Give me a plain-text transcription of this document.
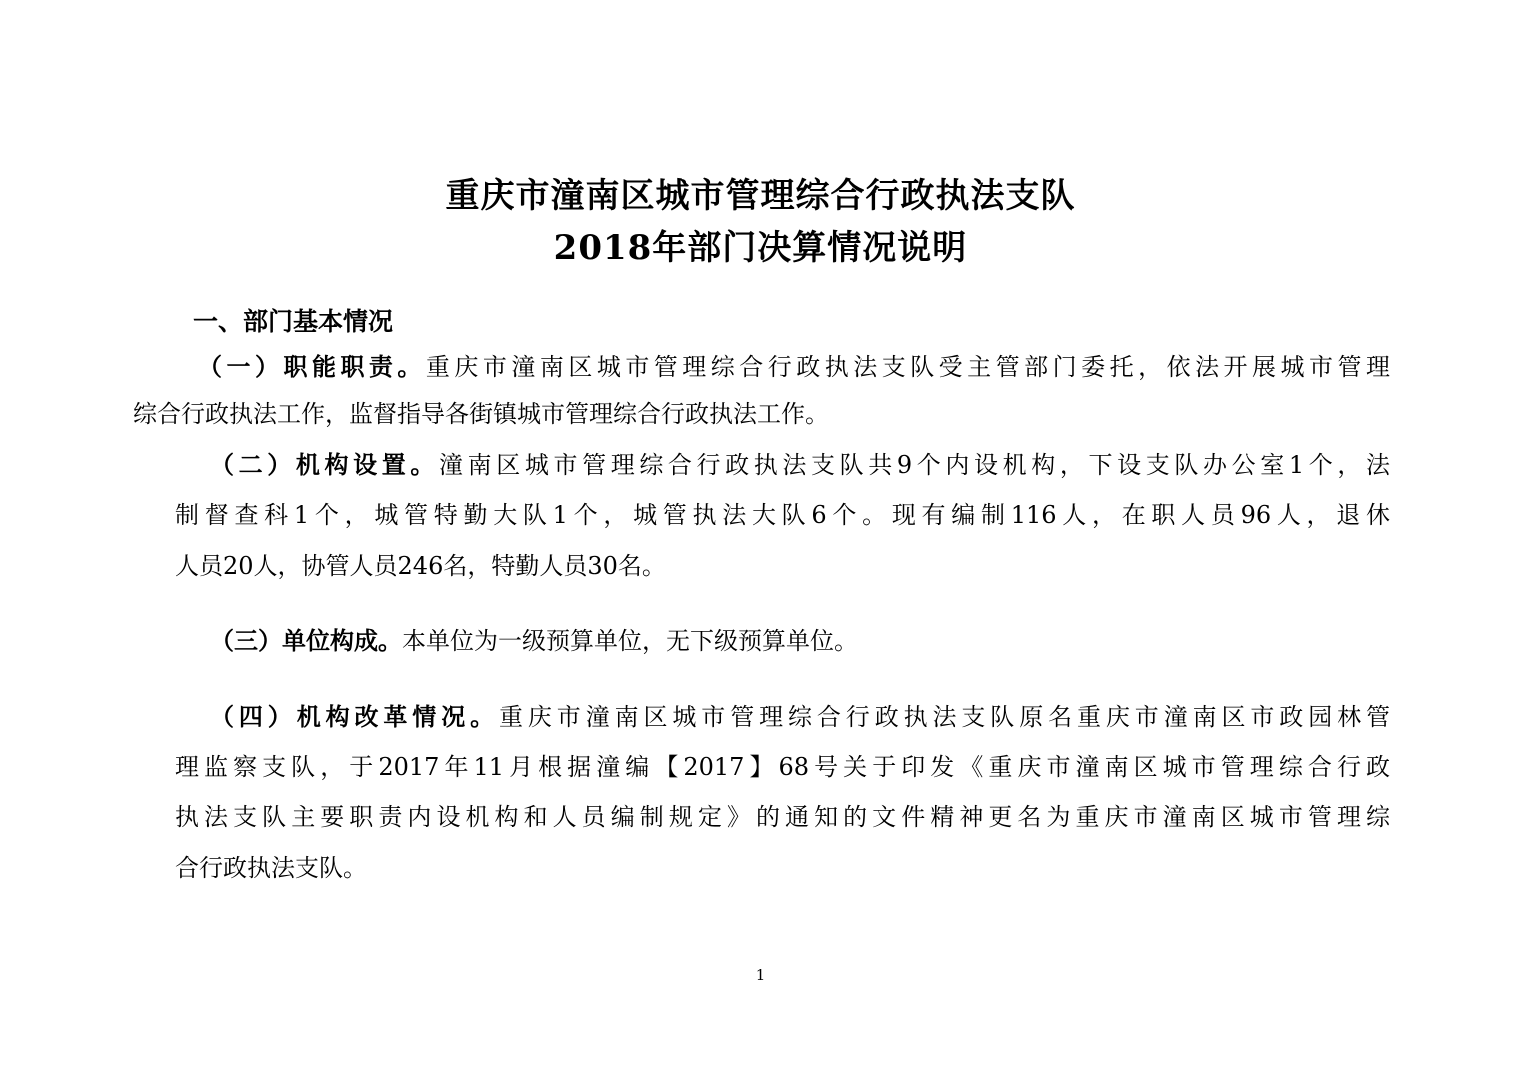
重庆市潼南区城市管理综合行政执法支队
2018年部门决算情况说明
一、部门基本情况
（一）职能职责。重庆市潼南区城市管理综合行政执法支队受主管部门委托，依法开展城市管理
综合行政执法工作，监督指导各街镇城市管理综合行政执法工作。
（二）机构设置。潼南区城市管理综合行政执法支队共9个内设机构，下设支队办公室1个，法
制督查科1个，城管特勤大队1个，城管执法大队6个。现有编制116人，在职人员96人，退休
人员20人，协管人员246名，特勤人员30名。
（三）单位构成。本单位为一级预算单位，无下级预算单位。
（四）机构改革情况。重庆市潼南区城市管理综合行政执法支队原名重庆市潼南区市政园林管
理监察支队，于2017年11月根据潼编【2017】68号关于印发《重庆市潼南区城市管理综合行政
执法支队主要职责内设机构和人员编制规定》的通知的文件精神更名为重庆市潼南区城市管理综
合行政执法支队。
1
